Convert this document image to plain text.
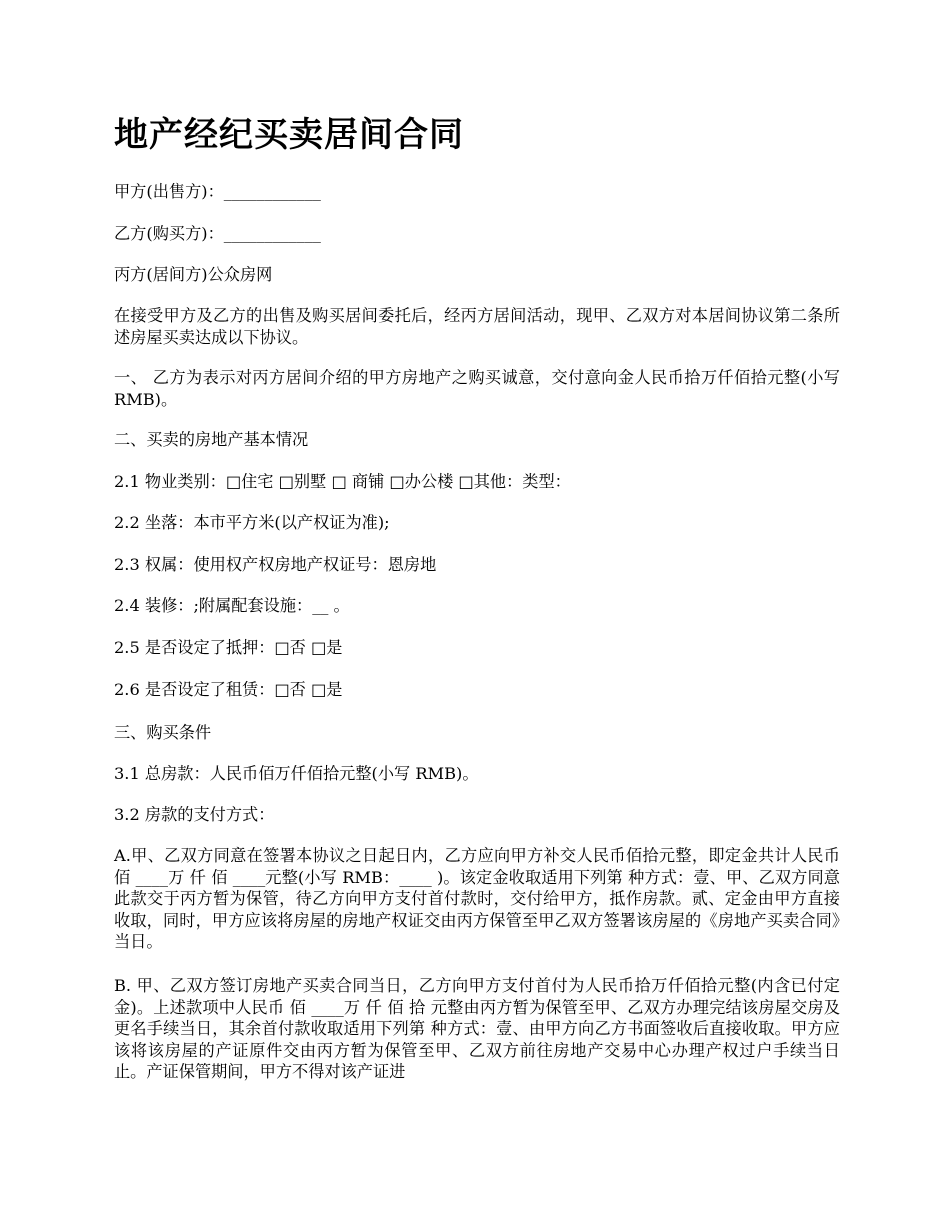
地产经纪买卖居间合同

甲方(出售方)：____________

乙方(购买方)：____________

丙方(居间方)公众房网

在接受甲方及乙方的出售及购买居间委托后，经丙方居间活动，现甲、乙双方对本居间协议第二条所述房屋买卖达成以下协议。

一、 乙方为表示对丙方居间介绍的甲方房地产之购买诚意，交付意向金人民币拾万仟佰拾元整(小写 RMB)。

二、买卖的房地产基本情况

2.1 物业类别：□住宅 □别墅 □ 商铺 □办公楼 □其他：类型：

2.2 坐落：本市平方米(以产权证为准);

2.3 权属：使用权产权房地产权证号：恩房地

2.4 装修：;附属配套设施：__ 。

2.5 是否设定了抵押：□否 □是

2.6 是否设定了租赁：□否 □是

三、购买条件

3.1 总房款：人民币佰万仟佰拾元整(小写 RMB)。

3.2 房款的支付方式：

A.甲、乙双方同意在签署本协议之日起日内，乙方应向甲方补交人民币佰拾元整，即定金共计人民币 佰 ____万 仟 佰 ____元整(小写 RMB：____ )。该定金收取适用下列第 种方式：壹、甲、乙双方同意此款交于丙方暂为保管，待乙方向甲方支付首付款时，交付给甲方，抵作房款。贰、定金由甲方直接收取，同时，甲方应该将房屋的房地产权证交由丙方保管至甲乙双方签署该房屋的《房地产买卖合同》当日。

B. 甲、乙双方签订房地产买卖合同当日，乙方向甲方支付首付为人民币拾万仟佰拾元整(内含已付定金)。上述款项中人民币 佰 ____万 仟 佰 拾 元整由丙方暂为保管至甲、乙双方办理完结该房屋交房及更名手续当日，其余首付款收取适用下列第 种方式：壹、由甲方向乙方书面签收后直接收取。甲方应该将该房屋的产证原件交由丙方暂为保管至甲、乙双方前往房地产交易中心办理产权过户手续当日止。产证保管期间，甲方不得对该产证进
